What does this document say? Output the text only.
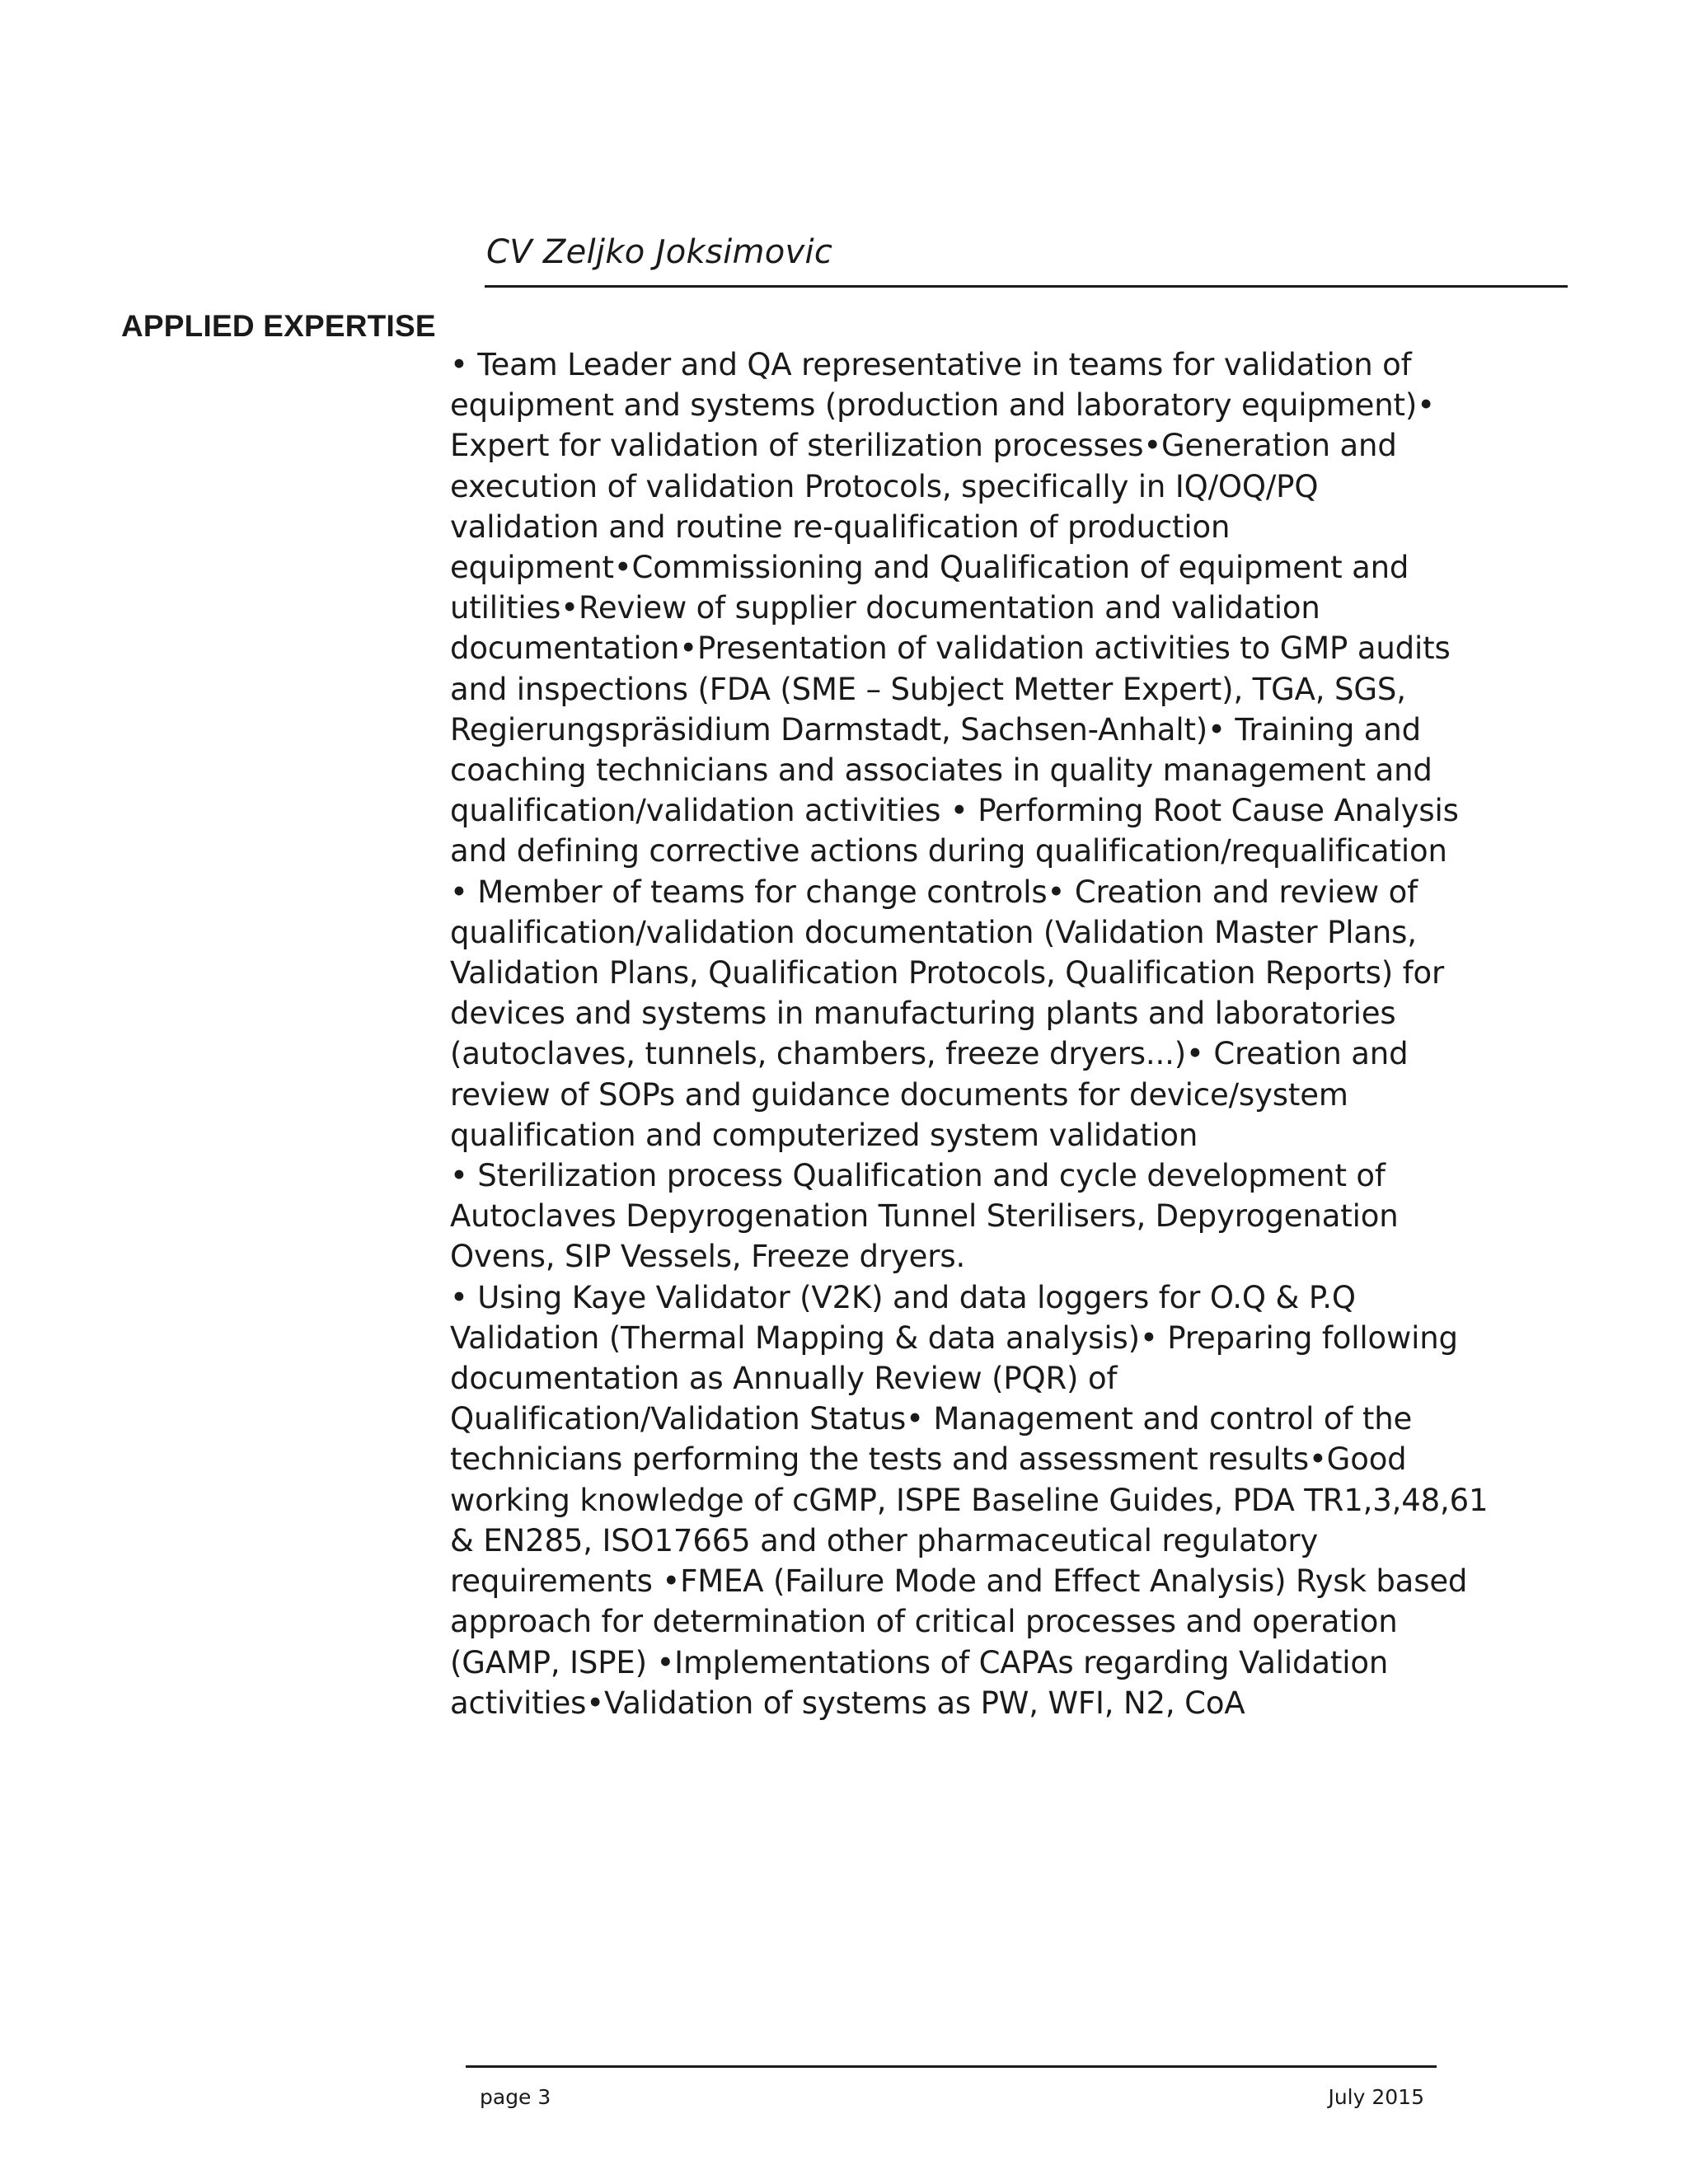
CV Zeljko Joksimovic
APPLIED EXPERTISE
• Team Leader and QA representative in teams for validation of
equipment and systems (production and laboratory equipment)•
Expert for validation of sterilization processes•Generation and
execution of validation Protocols, specifically in IQ/OQ/PQ
validation and routine re-qualification of production
equipment•Commissioning and Qualification of equipment and
utilities•Review of supplier documentation and validation
documentation•Presentation of validation activities to GMP audits
and inspections (FDA (SME – Subject Metter Expert), TGA, SGS,
Regierungspräsidium Darmstadt, Sachsen-Anhalt)• Training and
coaching technicians and associates in quality management and
qualification/validation activities • Performing Root Cause Analysis
and defining corrective actions during qualification/requalification
• Member of teams for change controls• Creation and review of
qualification/validation documentation (Validation Master Plans,
Validation Plans, Qualification Protocols, Qualification Reports) for
devices and systems in manufacturing plants and laboratories
(autoclaves, tunnels, chambers, freeze dryers...)• Creation and
review of SOPs and guidance documents for device/system
qualification and computerized system validation
• Sterilization process Qualification and cycle development of
Autoclaves Depyrogenation Tunnel Sterilisers, Depyrogenation
Ovens, SIP Vessels, Freeze dryers.
• Using Kaye Validator (V2K) and data loggers for O.Q & P.Q
Validation (Thermal Mapping & data analysis)• Preparing following
documentation as Annually Review (PQR) of
Qualification/Validation Status• Management and control of the
technicians performing the tests and assessment results•Good
working knowledge of cGMP, ISPE Baseline Guides, PDA TR1,3,48,61
& EN285, ISO17665 and other pharmaceutical regulatory
requirements •FMEA (Failure Mode and Effect Analysis) Rysk based
approach for determination of critical processes and operation
(GAMP, ISPE) •Implementations of CAPAs regarding Validation
activities•Validation of systems as PW, WFI, N2, CoA
page 3	July 2015
